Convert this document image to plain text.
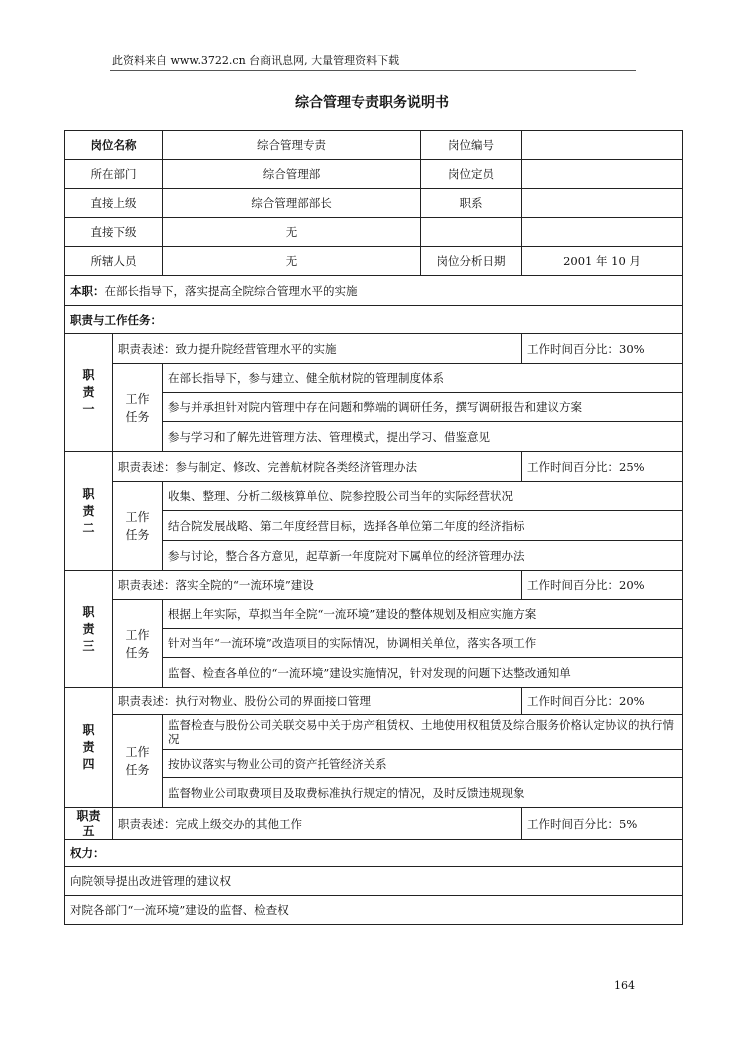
此资料来自 www.3722.cn 台商讯息网, 大量管理资料下载
综合管理专责职务说明书
岗位名称		综合管理专责	岗位编号	
所在部门		综合管理部	岗位定员	
直接上级		综合管理部部长	职系	
直接下级		无		
所辖人员		无	岗位分析日期	2001 年 10 月
本职：在部长指导下，落实提高全院综合管理水平的实施				
职责与工作任务：				
职责一	职责表述：致力提升院经营管理水平的实施			工作时间百分比：30%
	工作任务	在部长指导下，参与建立、健全航材院的管理制度体系		
		参与并承担针对院内管理中存在问题和弊端的调研任务，撰写调研报告和建议方案		
		参与学习和了解先进管理方法、管理模式，提出学习、借鉴意见		
职责二	职责表述：参与制定、修改、完善航材院各类经济管理办法			工作时间百分比：25%
	工作任务	收集、整理、分析二级核算单位、院参控股公司当年的实际经营状况		
		结合院发展战略、第二年度经营目标，选择各单位第二年度的经济指标		
		参与讨论，整合各方意见，起草新一年度院对下属单位的经济管理办法		
职责三	职责表述：落实全院的“一流环境”建设			工作时间百分比：20%
	工作任务	根据上年实际，草拟当年全院“一流环境”建设的整体规划及相应实施方案		
		针对当年“一流环境”改造项目的实际情况，协调相关单位，落实各项工作		
		监督、检查各单位的“一流环境”建设实施情况，针对发现的问题下达整改通知单		
职责四	职责表述：执行对物业、股份公司的界面接口管理			工作时间百分比：20%
	工作任务	监督检查与股份公司关联交易中关于房产租赁权、土地使用权租赁及综合服务价格认定协议的执行情况		
		按协议落实与物业公司的资产托管经济关系		
		监督物业公司取费项目及取费标准执行规定的情况，及时反馈违规现象		
职责五	职责表述：完成上级交办的其他工作			工作时间百分比：5%
权力：				
向院领导提出改进管理的建议权				
对院各部门“一流环境”建设的监督、检查权				
164
